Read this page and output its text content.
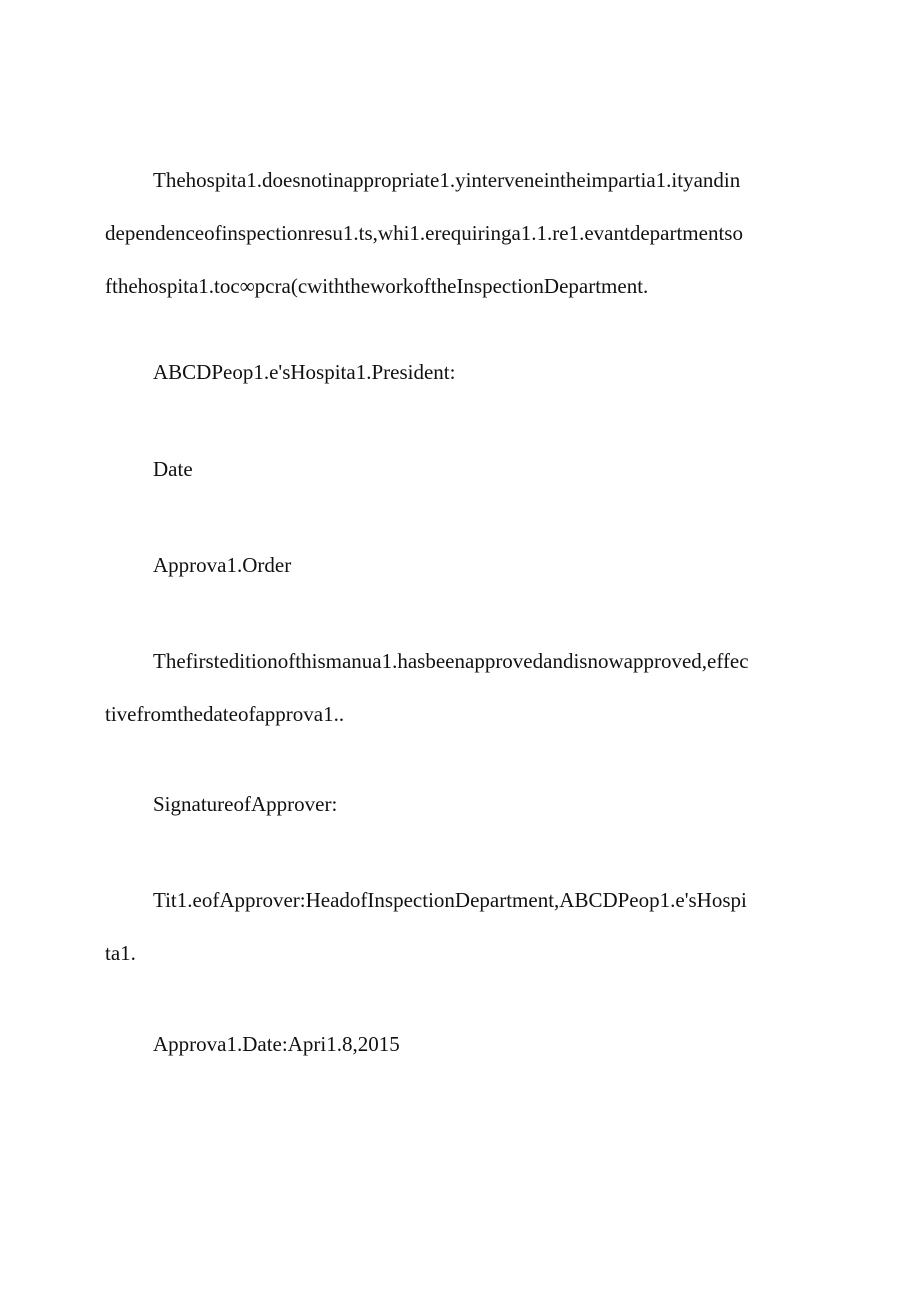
Thehospita1.doesnotinappropriate1.yinterveneintheimpartia1.ityandin
dependenceofinspectionresu1.ts,whi1.erequiringa1.1.re1.evantdepartmentso
fthehospita1.toc∞pcra(cwiththeworkoftheInspectionDepartment.

ABCDPeop1.e'sHospita1.President:

Date

Approva1.Order

Thefirsteditionofthismanua1.hasbeenapprovedandisnowapproved,effec
tivefromthedateofapprova1..

SignatureofApprover:

Tit1.eofApprover:HeadofInspectionDepartment,ABCDPeop1.e'sHospi
ta1.

Approva1.Date:Apri1.8,2015
